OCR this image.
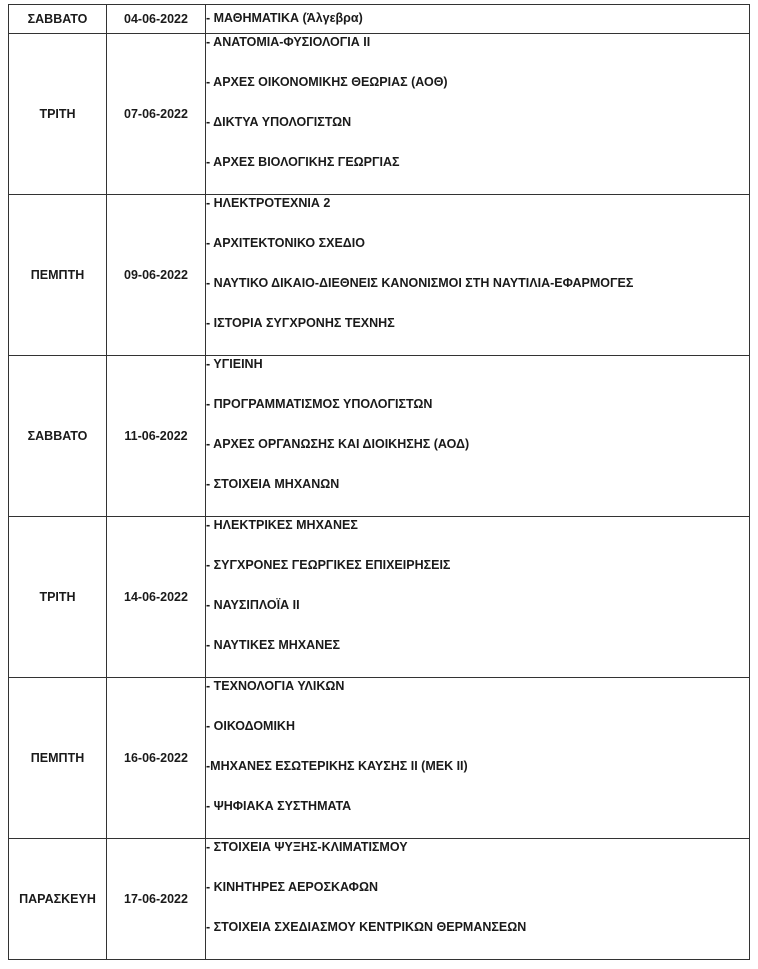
ΣΑΒΒΑΤΟ	04-06-2022	- ΜΑΘΗΜΑΤΙΚΑ (Άλγεβρα)

ΤΡΙΤΗ	07-06-2022	- ΑΝΑΤΟΜΙΑ-ΦΥΣΙΟΛΟΓΙΑ ΙΙ
- ΑΡΧΕΣ ΟΙΚΟΝΟΜΙΚΗΣ ΘΕΩΡΙΑΣ (ΑΟΘ)
- ΔΙΚΤΥΑ ΥΠΟΛΟΓΙΣΤΩΝ
- ΑΡΧΕΣ ΒΙΟΛΟΓΙΚΗΣ ΓΕΩΡΓΙΑΣ

ΠΕΜΠΤΗ	09-06-2022	- ΗΛΕΚΤΡΟΤΕΧΝΙΑ 2
- ΑΡΧΙΤΕΚΤΟΝΙΚΟ ΣΧΕΔΙΟ
- ΝΑΥΤΙΚΟ ΔΙΚΑΙΟ-ΔΙΕΘΝΕΙΣ ΚΑΝΟΝΙΣΜΟΙ ΣΤΗ ΝΑΥΤΙΛΙΑ-ΕΦΑΡΜΟΓΕΣ
- ΙΣΤΟΡΙΑ ΣΥΓΧΡΟΝΗΣ ΤΕΧΝΗΣ

ΣΑΒΒΑΤΟ	11-06-2022	- ΥΓΙΕΙΝΗ
- ΠΡΟΓΡΑΜΜΑΤΙΣΜΟΣ ΥΠΟΛΟΓΙΣΤΩΝ
- ΑΡΧΕΣ ΟΡΓΑΝΩΣΗΣ ΚΑΙ ΔΙΟΙΚΗΣΗΣ (ΑΟΔ)
- ΣΤΟΙΧΕΙΑ ΜΗΧΑΝΩΝ

ΤΡΙΤΗ	14-06-2022	- ΗΛΕΚΤΡΙΚΕΣ ΜΗΧΑΝΕΣ
- ΣΥΓΧΡΟΝΕΣ ΓΕΩΡΓΙΚΕΣ ΕΠΙΧΕΙΡΗΣΕΙΣ
- ΝΑΥΣΙΠΛΟΪΑ ΙΙ
- ΝΑΥΤΙΚΕΣ ΜΗΧΑΝΕΣ

ΠΕΜΠΤΗ	16-06-2022	- ΤΕΧΝΟΛΟΓΙΑ ΥΛΙΚΩΝ
- ΟΙΚΟΔΟΜΙΚΗ
-ΜΗΧΑΝΕΣ ΕΣΩΤΕΡΙΚΗΣ ΚΑΥΣΗΣ ΙΙ (ΜΕΚ ΙΙ)
- ΨΗΦΙΑΚΑ ΣΥΣΤΗΜΑΤΑ

ΠΑΡΑΣΚΕΥΗ	17-06-2022	- ΣΤΟΙΧΕΙΑ ΨΥΞΗΣ-ΚΛΙΜΑΤΙΣΜΟΥ
- ΚΙΝΗΤΗΡΕΣ ΑΕΡΟΣΚΑΦΩΝ
- ΣΤΟΙΧΕΙΑ ΣΧΕΔΙΑΣΜΟΥ ΚΕΝΤΡΙΚΩΝ ΘΕΡΜΑΝΣΕΩΝ
